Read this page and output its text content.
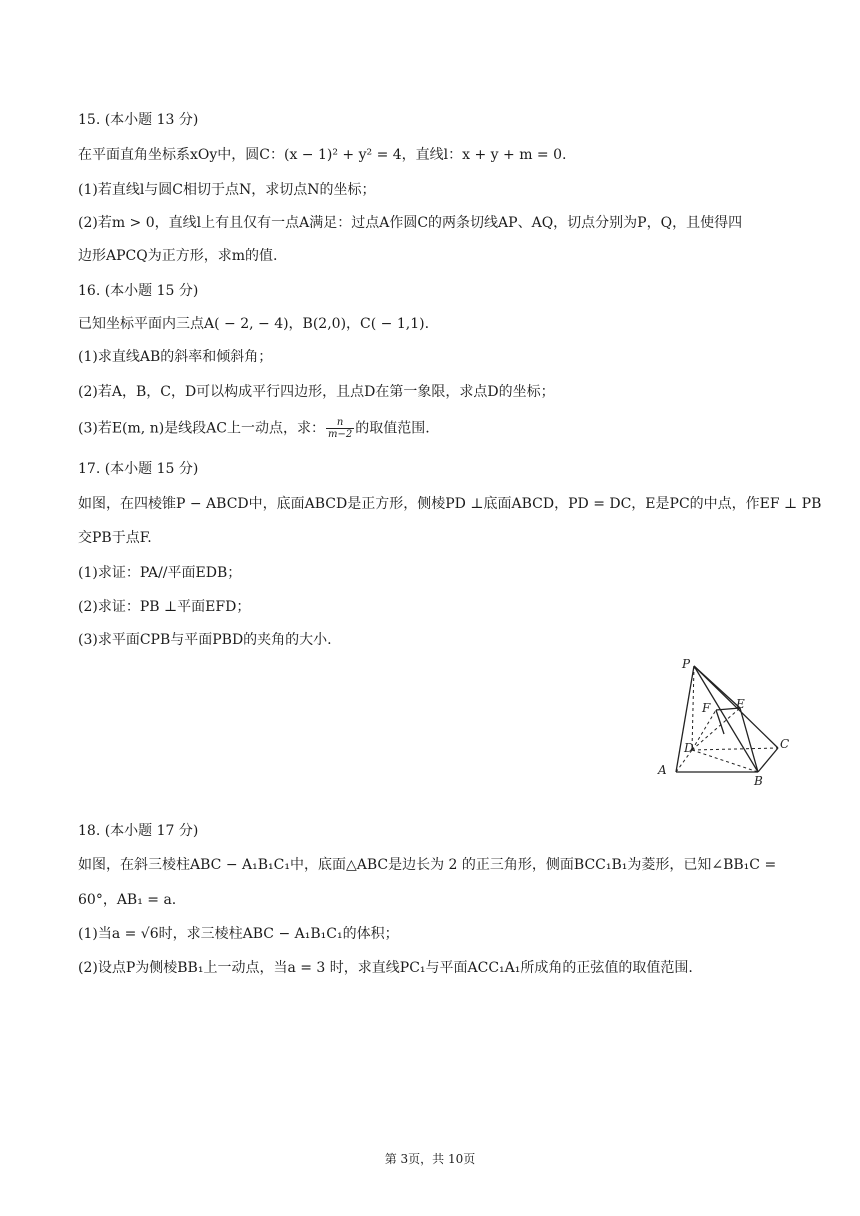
15. (本小题 13 分)
在平面直角坐标系xOy中，圆C：(x − 1)² + y² = 4，直线l：x + y + m = 0.
(1)若直线l与圆C相切于点N，求切点N的坐标；
(2)若m > 0，直线l上有且仅有一点A满足：过点A作圆C的两条切线AP、AQ，切点分别为P，Q，且使得四
边形APCQ为正方形，求m的值.
16. (本小题 15 分)
已知坐标平面内三点A( − 2, − 4)，B(2,0)，C( − 1,1).
(1)求直线AB的斜率和倾斜角；
(2)若A，B，C，D可以构成平行四边形，且点D在第一象限，求点D的坐标；
(3)若E(m, n)是线段AC上一动点，求： $\frac{n}{m-2}$ 的取值范围.
17. (本小题 15 分)
如图，在四棱锥P − ABCD中，底面ABCD是正方形，侧棱PD ⊥底面ABCD，PD = DC，E是PC的中点，作EF ⊥ PB
交PB于点F.
(1)求证：PA//平面EDB；
(2)求证：PB ⊥平面EFD；
(3)求平面CPB与平面PBD的夹角的大小.
P
F E
D	C
A
B
18. (本小题 17 分)
如图，在斜三棱柱ABC − A₁B₁C₁中，底面△ABC是边长为 2 的正三角形，侧面BCC₁B₁为菱形，已知∠BB₁C =
60°，AB₁ = a.
(1)当a = √6时，求三棱柱ABC − A₁B₁C₁的体积；
(2)设点P为侧棱BB₁上一动点，当a = 3 时，求直线PC₁与平面ACC₁A₁所成角的正弦值的取值范围.
第 3页，共 10页
